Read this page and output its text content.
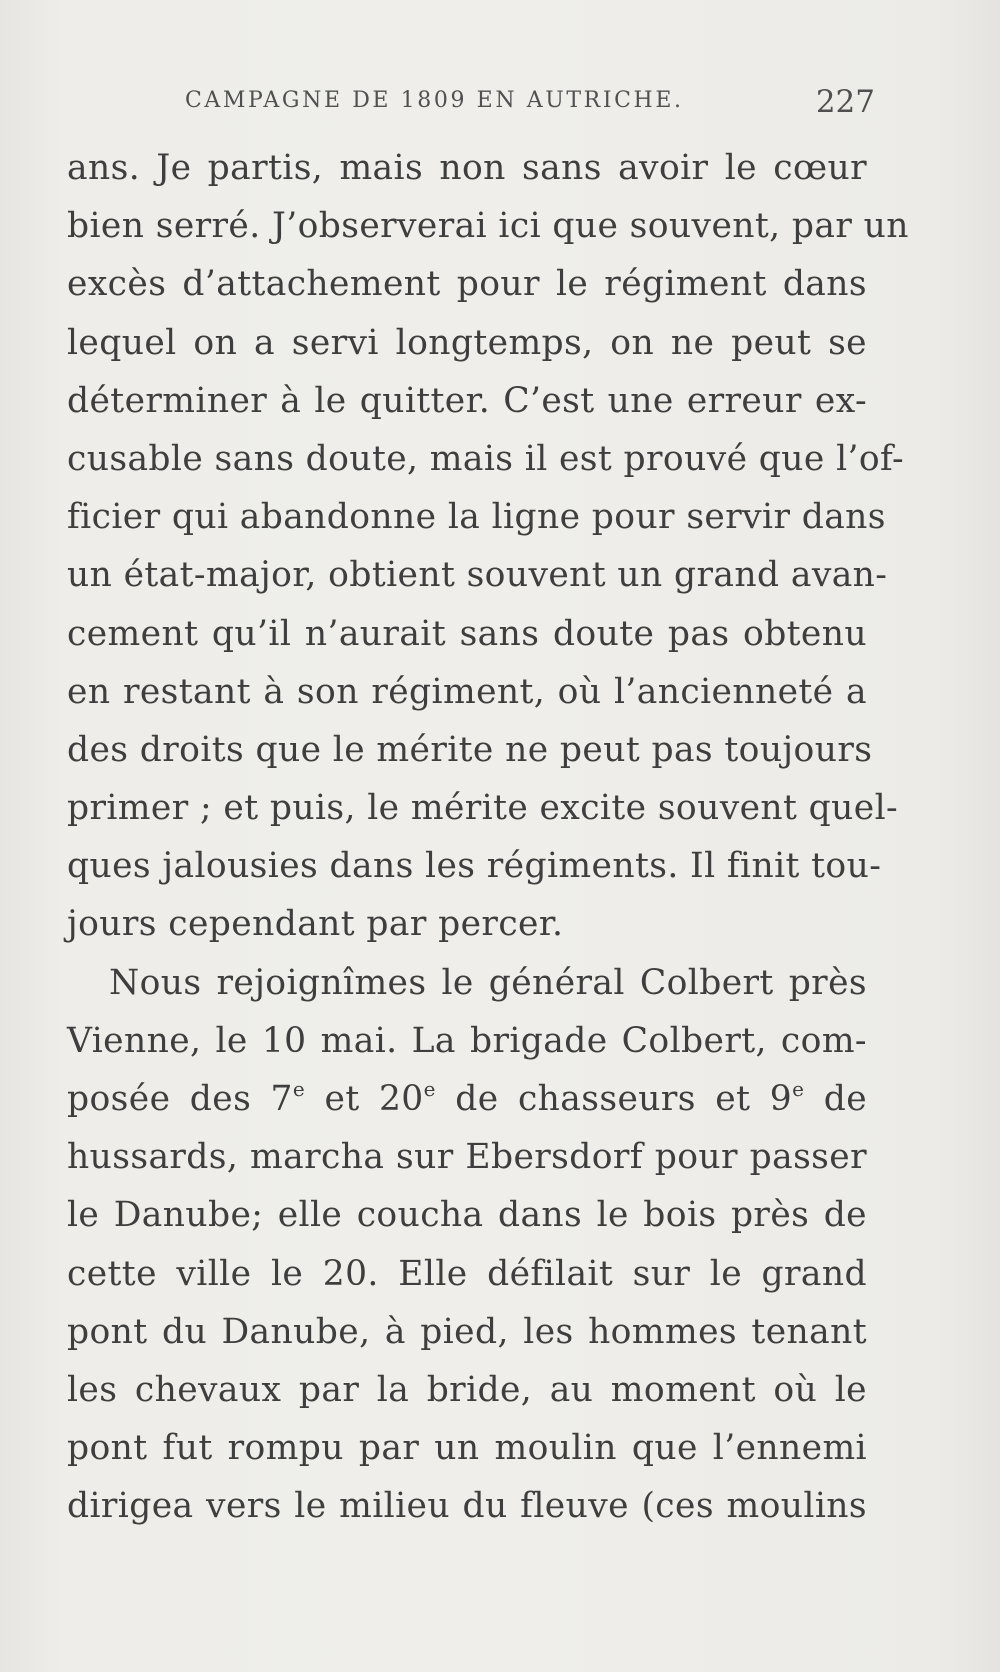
CAMPAGNE DE 1809 EN AUTRICHE.	227
ans. Je partis, mais non sans avoir le cœur
bien serré. J’observerai ici que souvent, par un
excès d’attachement pour le régiment dans
lequel on a servi longtemps, on ne peut se
déterminer à le quitter. C’est une erreur ex-
cusable sans doute, mais il est prouvé que l’of-
ficier qui abandonne la ligne pour servir dans
un état-major, obtient souvent un grand avan-
cement qu’il n’aurait sans doute pas obtenu
en restant à son régiment, où l’ancienneté a
des droits que le mérite ne peut pas toujours
primer ; et puis, le mérite excite souvent quel-
ques jalousies dans les régiments. Il finit tou-
jours cependant par percer.
Nous rejoignîmes le général Colbert près
Vienne, le 10 mai. La brigade Colbert, com-
posée des 7e et 20e de chasseurs et 9e de
hussards, marcha sur Ebersdorf pour passer
le Danube; elle coucha dans le bois près de
cette ville le 20. Elle défilait sur le grand
pont du Danube, à pied, les hommes tenant
les chevaux par la bride, au moment où le
pont fut rompu par un moulin que l’ennemi
dirigea vers le milieu du fleuve (ces moulins
